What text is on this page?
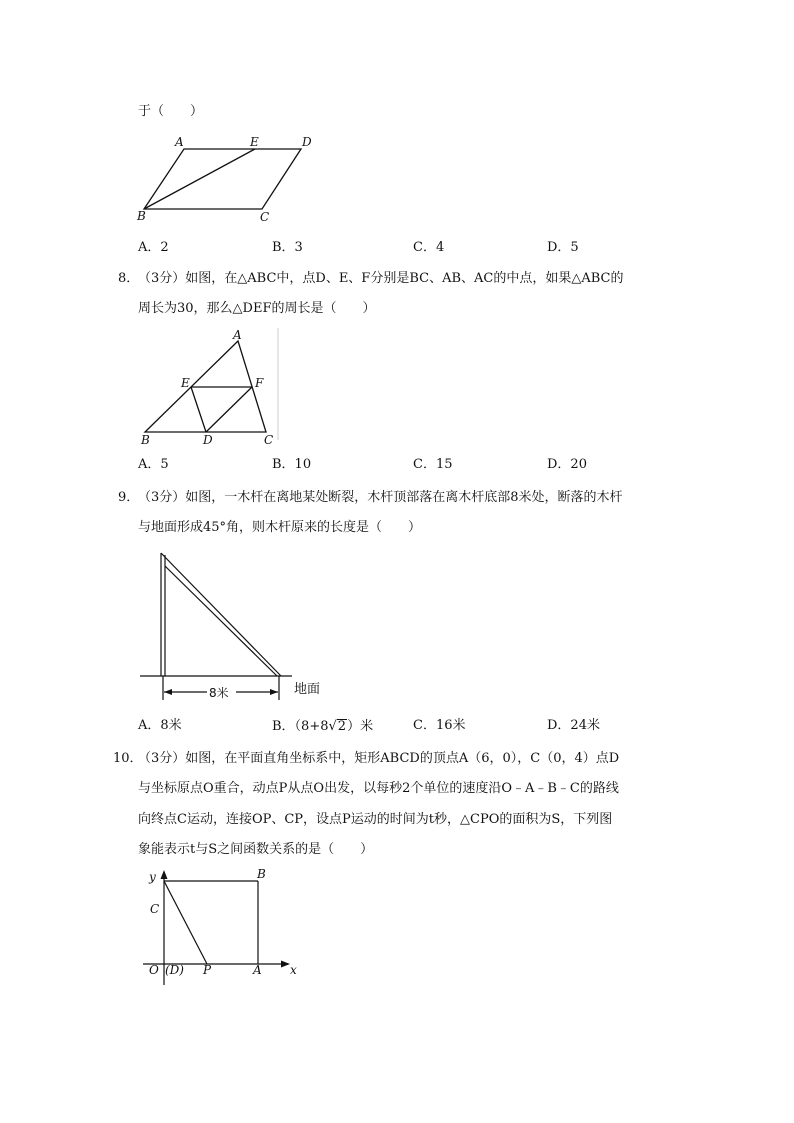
于（　　）
A	E	D
B	C
A．2	B．3	C．4	D．5
8．
（3分）如图，在△ABC中，点D、E、F分别是BC、AB、AC的中点，如果△ABC的
周长为30，那么△DEF的周长是（　　）
A
E	F
B	D	C
A．5	B．10	C．15	D．20
9．
（3分）如图，一木杆在离地某处断裂，木杆顶部落在离木杆底部8米处，断落的木杆
与地面形成45°角，则木杆原来的长度是（　　）
8米	地面
A．8米	B．（8+8√2）米	C．16米	D．24米
10．
（3分）如图，在平面直角坐标系中，矩形ABCD的顶点A（6，0），C（0，4）点D
与坐标原点O重合，动点P从点O出发，以每秒2个单位的速度沿O﹣A﹣B﹣C的路线
向终点C运动，连接OP、CP，设点P运动的时间为t秒，△CPO的面积为S，下列图
象能表示t与S之间函数关系的是（　　）
y
x
C
B
O (D) P	A
